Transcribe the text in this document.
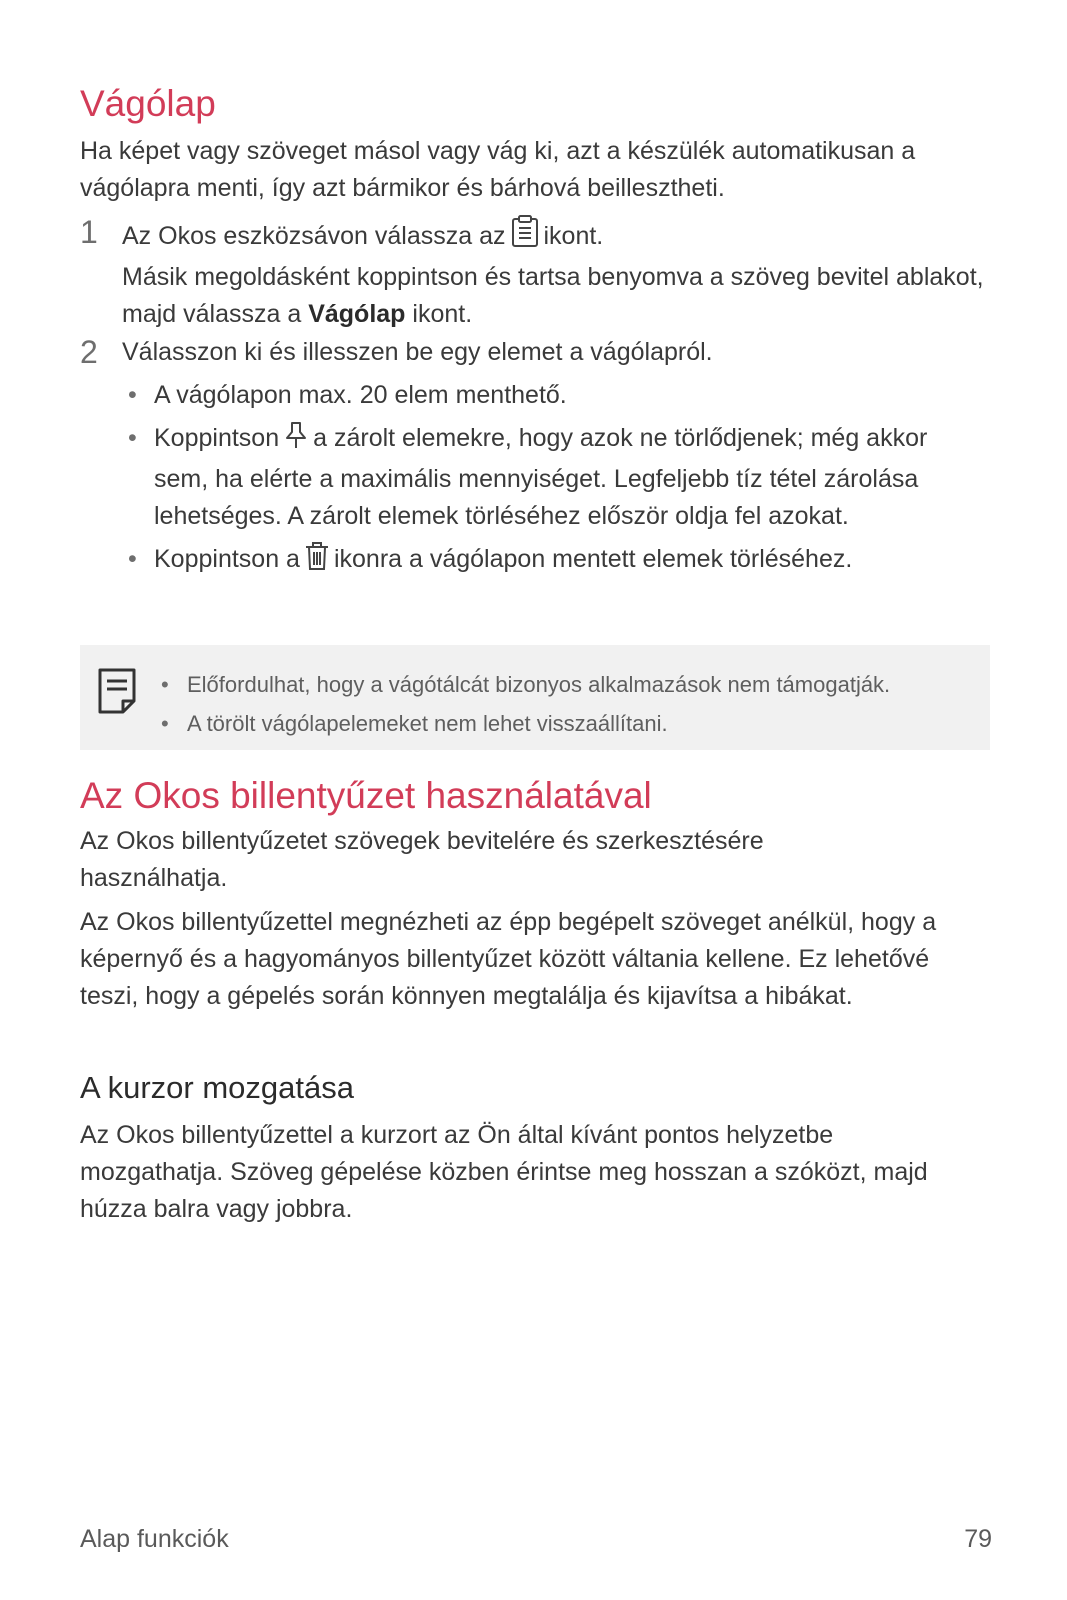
Vágólap

Ha képet vagy szöveget másol vagy vág ki, azt a készülék automatikusan a vágólapra menti, így azt bármikor és bárhová beillesztheti.

1 Az Okos eszközsávon válassza az ikont.

Másik megoldásként koppintson és tartsa benyomva a szöveg bevitel ablakot, majd válassza a Vágólap ikont.

2 Válasszon ki és illesszen be egy elemet a vágólapról.

• A vágólapon max. 20 elem menthető.
• Koppintson a zárolt elemekre, hogy azok ne törlődjenek; még akkor sem, ha elérte a maximális mennyiséget. Legfeljebb tíz tétel zárolása lehetséges. A zárolt elemek törléséhez először oldja fel azokat.
• Koppintson a ikonra a vágólapon mentett elemek törléséhez.
Az Okos billentyűzet használatával

Az Okos billentyűzetet szövegek bevitelére és szerkesztésére használhatja.

Az Okos billentyűzettel megnézheti az épp begépelt szöveget anélkül, hogy a képernyő és a hagyományos billentyűzet között váltania kellene. Ez lehetővé teszi, hogy a gépelés során könnyen megtalálja és kijavítsa a hibákat.

A kurzor mozgatása

Az Okos billentyűzettel a kurzort az Ön által kívánt pontos helyzetbe mozgathatja. Szöveg gépelése közben érintse meg hosszan a szóközt, majd húzza balra vagy jobbra.

• Előfordulhat, hogy a vágótálcát bizonyos alkalmazások nem támogatják.
• A törölt vágólapelemeket nem lehet visszaállítani.
Alap funkciók	79
